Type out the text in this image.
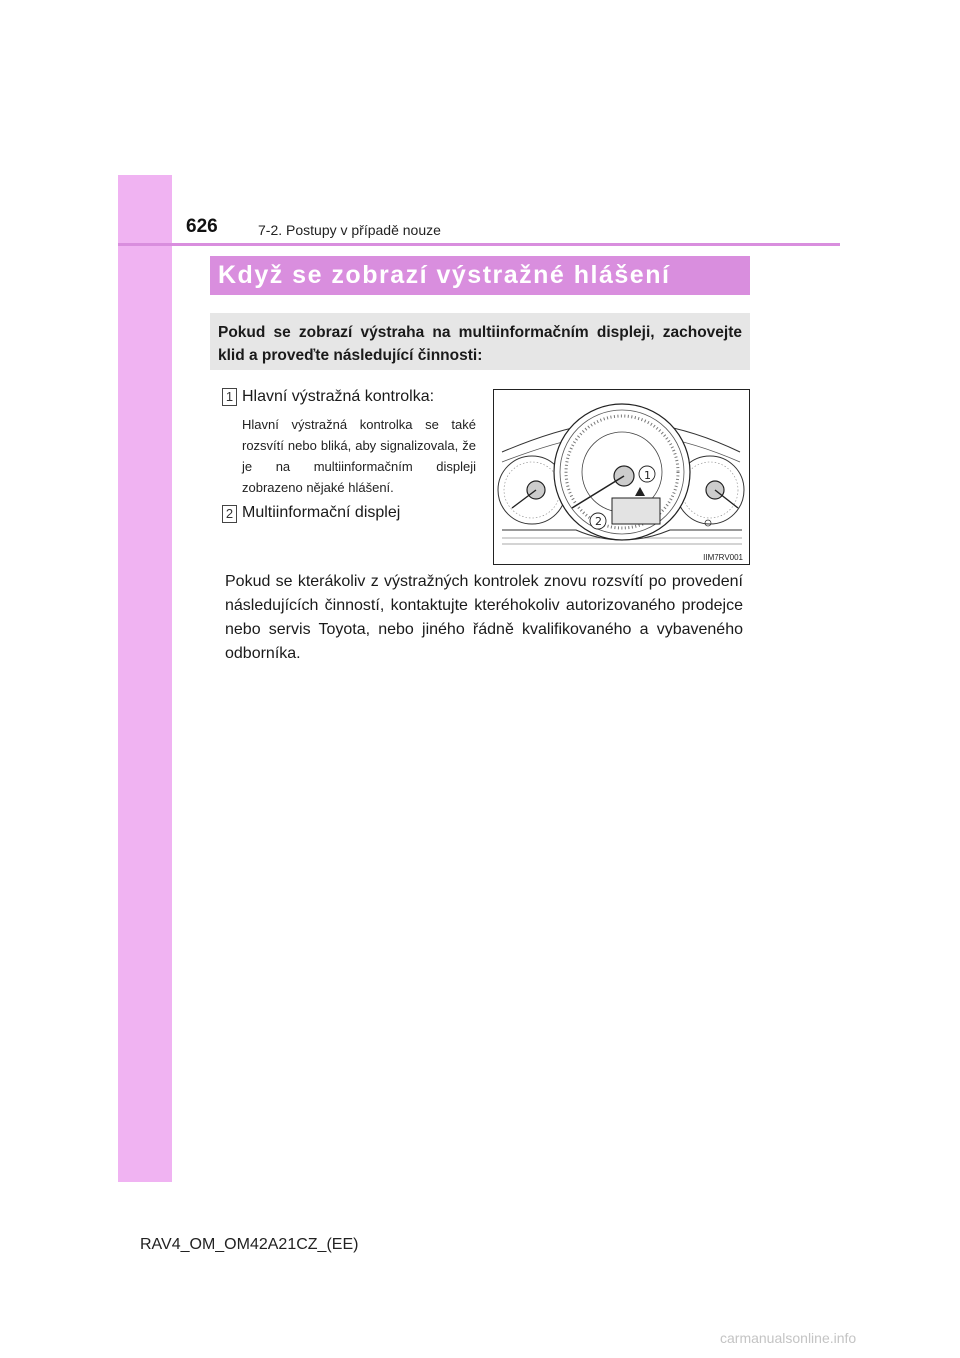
626	7-2. Postupy v případě nouze
Když se zobrazí výstražné hlášení
Pokud se zobrazí výstraha na multiinformačním displeji, zachovejte klid a proveďte následující činnosti:
1 Hlavní výstražná kontrolka:
Hlavní výstražná kontrolka se také rozsvítí nebo bliká, aby signalizovala, že je na multiinformačním displeji zobrazeno nějaké hlášení.
2 Multiinformační displej
1
2
IIM7RV001
Pokud se kterákoliv z výstražných kontrolek znovu rozsvítí po provedení následujících činností, kontaktujte kteréhokoliv autorizovaného prodejce nebo servis Toyota, nebo jiného řádně kvalifikovaného a vybaveného odborníka.
RAV4_OM_OM42A21CZ_(EE)
carmanualsonline.info
